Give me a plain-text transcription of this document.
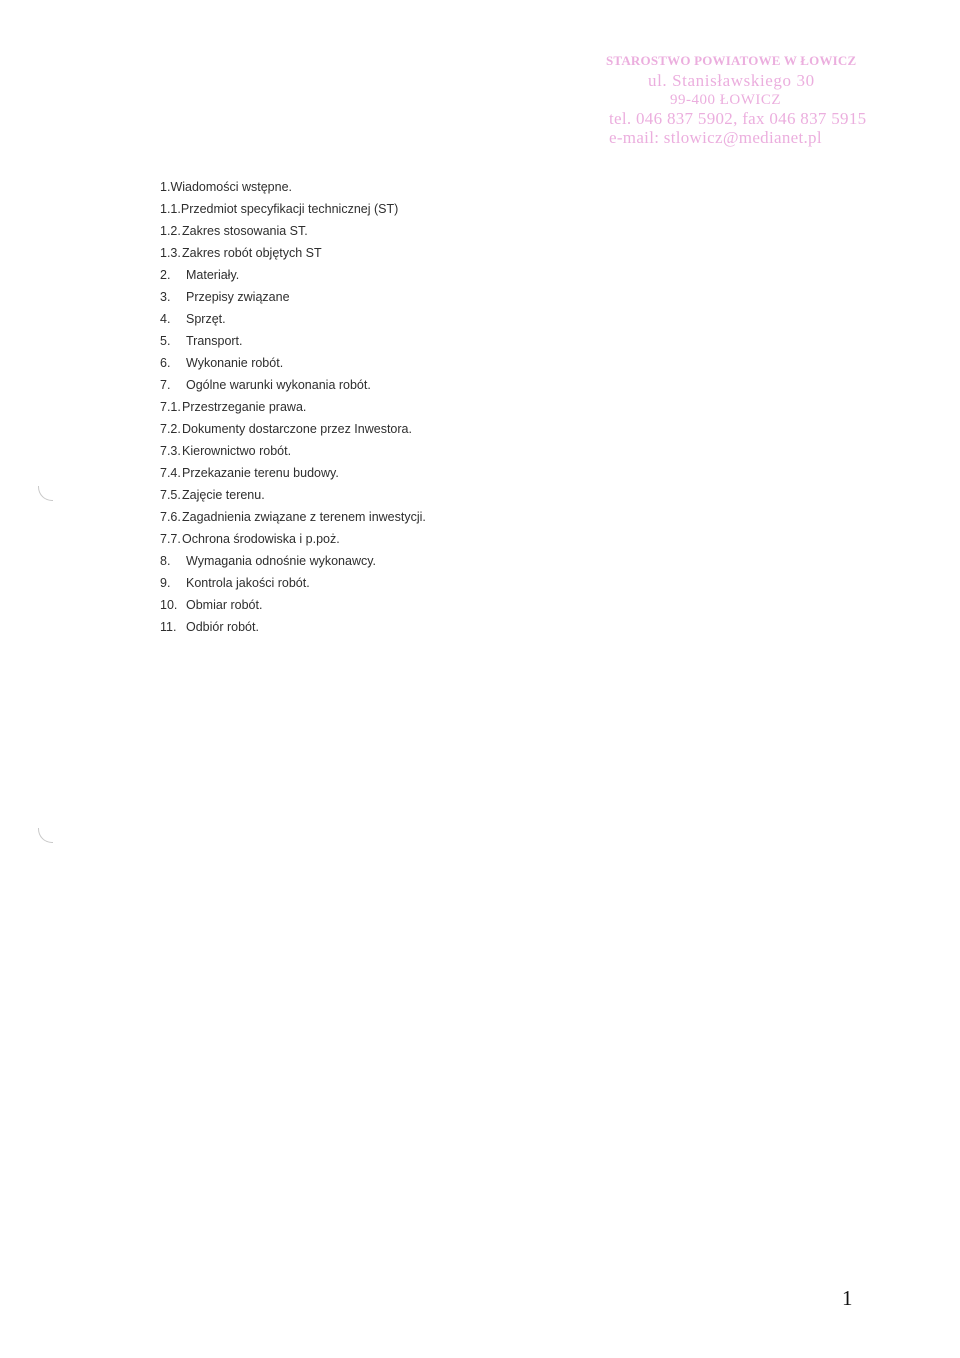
STAROSTWO POWIATOWE W ŁOWICZ
ul. Stanisławskiego 30
99-400 ŁOWICZ
tel. 046 837 5902, fax 046 837 5915
e-mail: stlowicz@medianet.pl
1.Wiadomości wstępne.
1.1.Przedmiot specyfikacji technicznej (ST)
1.2.Zakres stosowania ST.
1.3.Zakres robót objętych ST
2. Materiały.
3. Przepisy związane
4. Sprzęt.
5. Transport.
6. Wykonanie robót.
7. Ogólne warunki wykonania robót.
7.1.Przestrzeganie prawa.
7.2.Dokumenty dostarczone przez Inwestora.
7.3.Kierownictwo robót.
7.4.Przekazanie terenu budowy.
7.5.Zajęcie terenu.
7.6.Zagadnienia związane z terenem inwestycji.
7.7.Ochrona środowiska i p.poż.
8. Wymagania odnośnie wykonawcy.
9. Kontrola jakości robót.
10. Obmiar robót.
11. Odbiór robót.
1
